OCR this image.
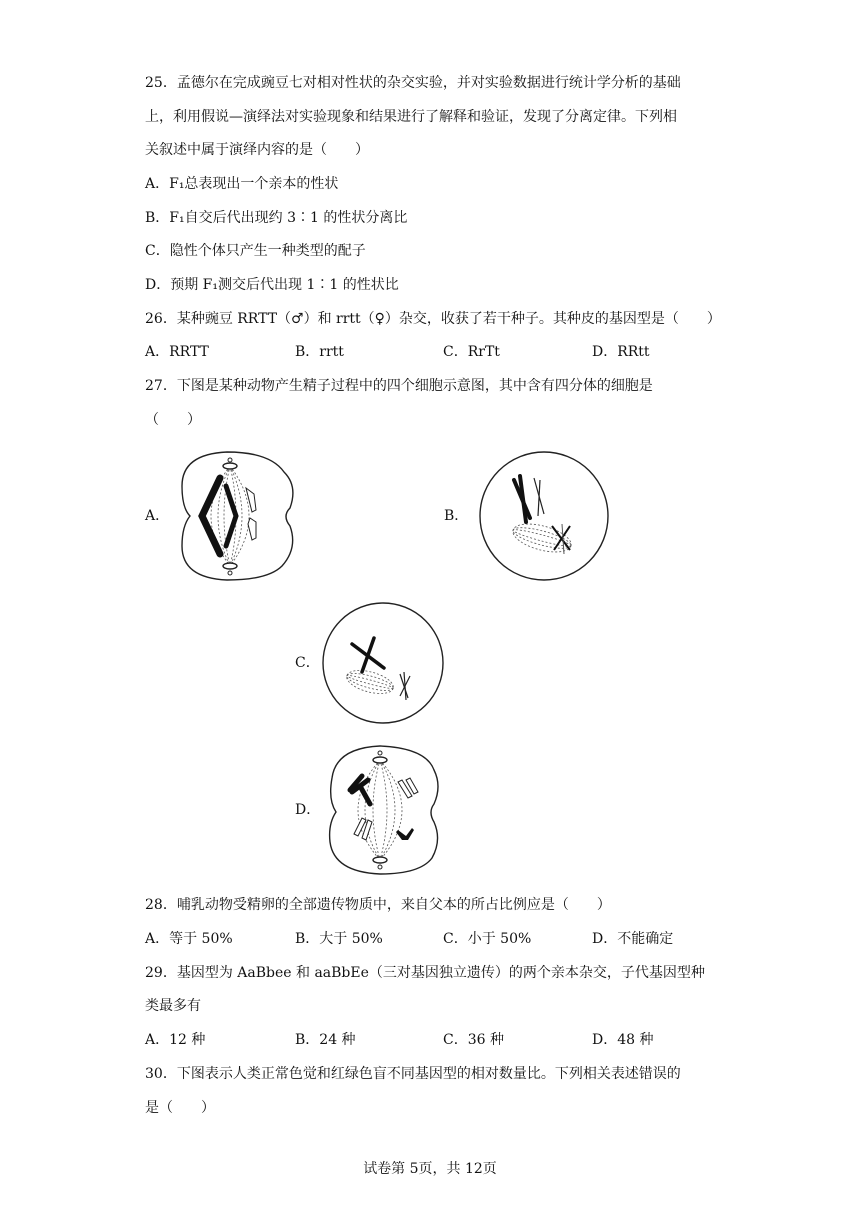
25．孟德尔在完成豌豆七对相对性状的杂交实验，并对实验数据进行统计学分析的基础
上，利用假说—演绎法对实验现象和结果进行了解释和验证，发现了分离定律。下列相
关叙述中属于演绎内容的是（　　）
A．F₁总表现出一个亲本的性状
B．F₁自交后代出现约 3∶1 的性状分离比
C．隐性个体只产生一种类型的配子
D．预期 F₁测交后代出现 1∶1 的性状比
26．某种豌豆 RRTT（♂）和 rrtt（♀）杂交，收获了若干种子。其种皮的基因型是（　　）
A．RRTT	B．rrtt	C．RrTt	D．RRtt
27．下图是某种动物产生精子过程中的四个细胞示意图，其中含有四分体的细胞是
（　　）
A．	B．
C．
D．
28．哺乳动物受精卵的全部遗传物质中，来自父本的所占比例应是（　　）
A．等于 50%	B．大于 50%	C．小于 50%	D．不能确定
29．基因型为 AaBbee 和 aaBbEe（三对基因独立遗传）的两个亲本杂交，子代基因型种
类最多有
A．12 种	B．24 种	C．36 种	D．48 种
30．下图表示人类正常色觉和红绿色盲不同基因型的相对数量比。下列相关表述错误的
是（　　）
试卷第 5页，共 12页
